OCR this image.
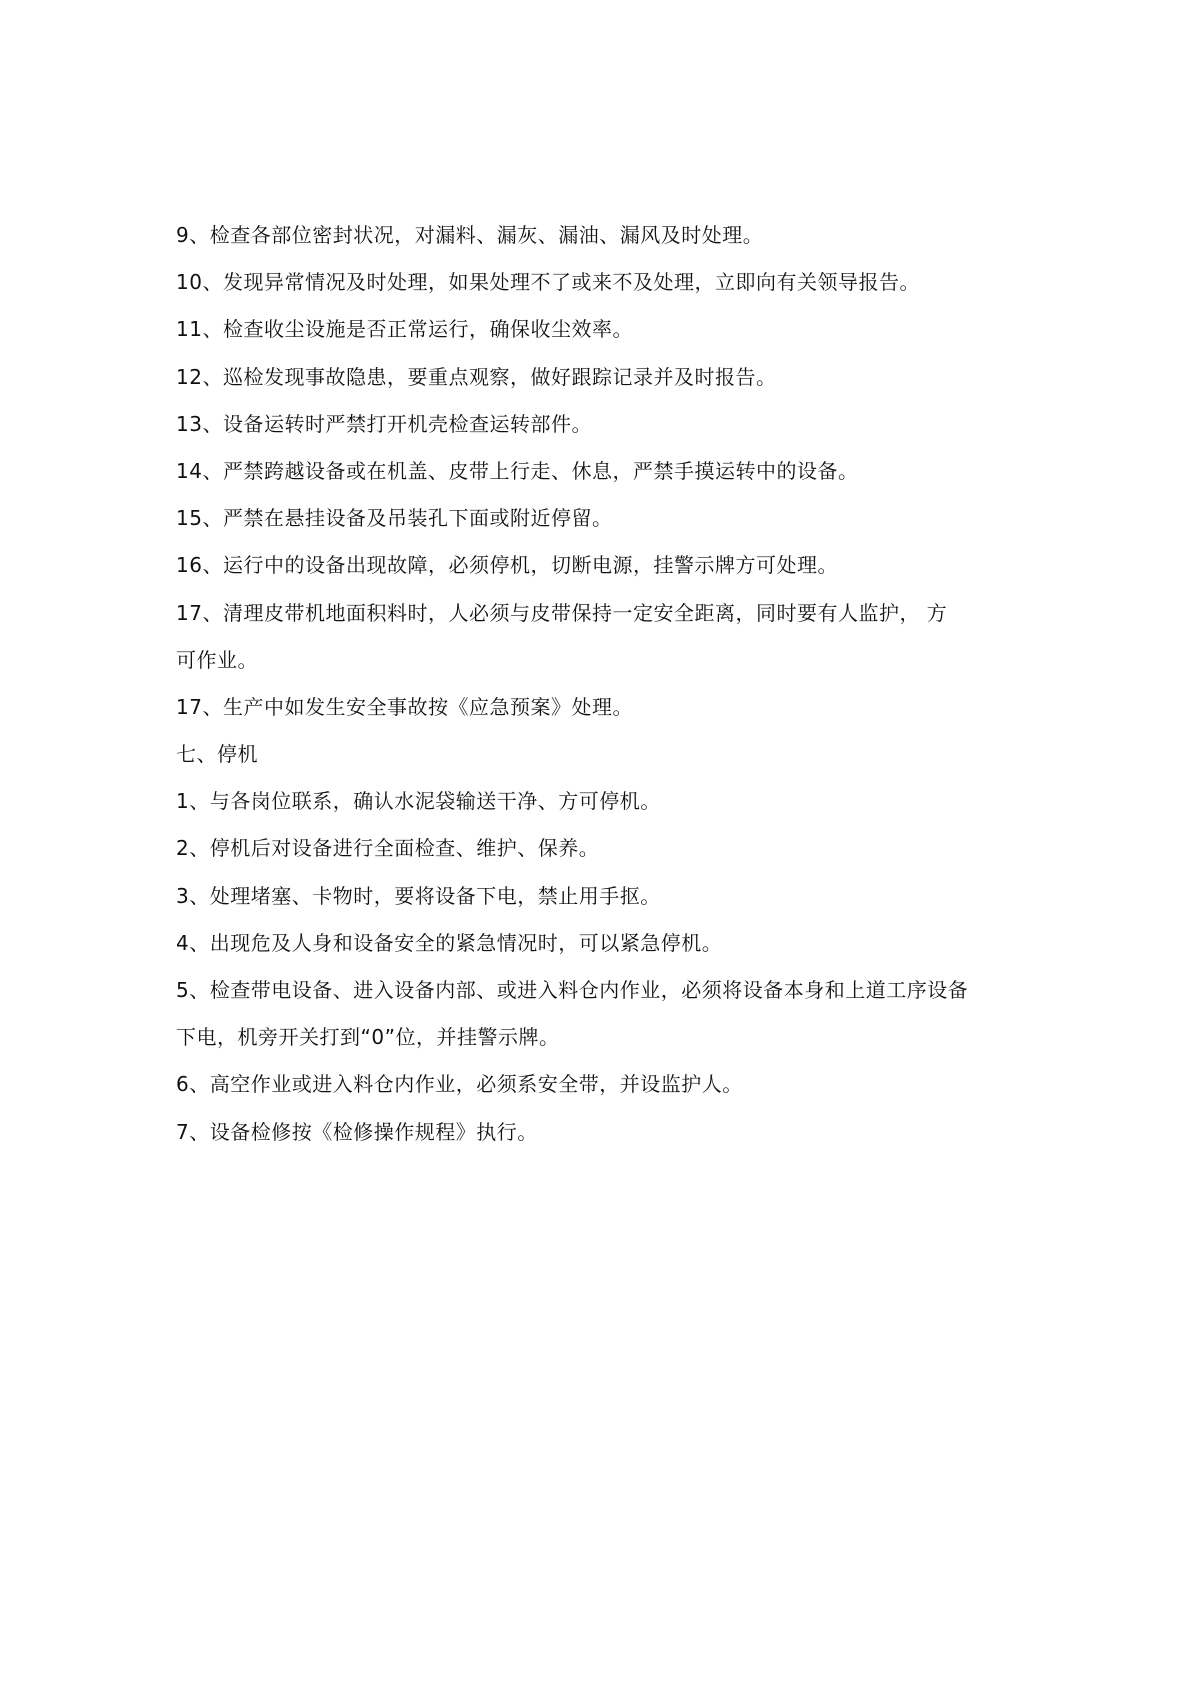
9、检查各部位密封状况，对漏料、漏灰、漏油、漏风及时处理。
10、发现异常情况及时处理，如果处理不了或来不及处理，立即向有关领导报告。
11、检查收尘设施是否正常运行，确保收尘效率。
12、巡检发现事故隐患，要重点观察，做好跟踪记录并及时报告。
13、设备运转时严禁打开机壳检查运转部件。
14、严禁跨越设备或在机盖、皮带上行走、休息，严禁手摸运转中的设备。
15、严禁在悬挂设备及吊装孔下面或附近停留。
16、运行中的设备出现故障，必须停机，切断电源，挂警示牌方可处理。
17、清理皮带机地面积料时，人必须与皮带保持一定安全距离，同时要有人监护， 方
可作业。
17、生产中如发生安全事故按《应急预案》处理。
七、停机
1、与各岗位联系，确认水泥袋输送干净、方可停机。
2、停机后对设备进行全面检查、维护、保养。
3、处理堵塞、卡物时，要将设备下电，禁止用手抠。
4、出现危及人身和设备安全的紧急情况时，可以紧急停机。
5、检查带电设备、进入设备内部、或进入料仓内作业，必须将设备本身和上道工序设备
下电，机旁开关打到“0”位，并挂警示牌。
6、高空作业或进入料仓内作业，必须系安全带，并设监护人。
7、设备检修按《检修操作规程》执行。
